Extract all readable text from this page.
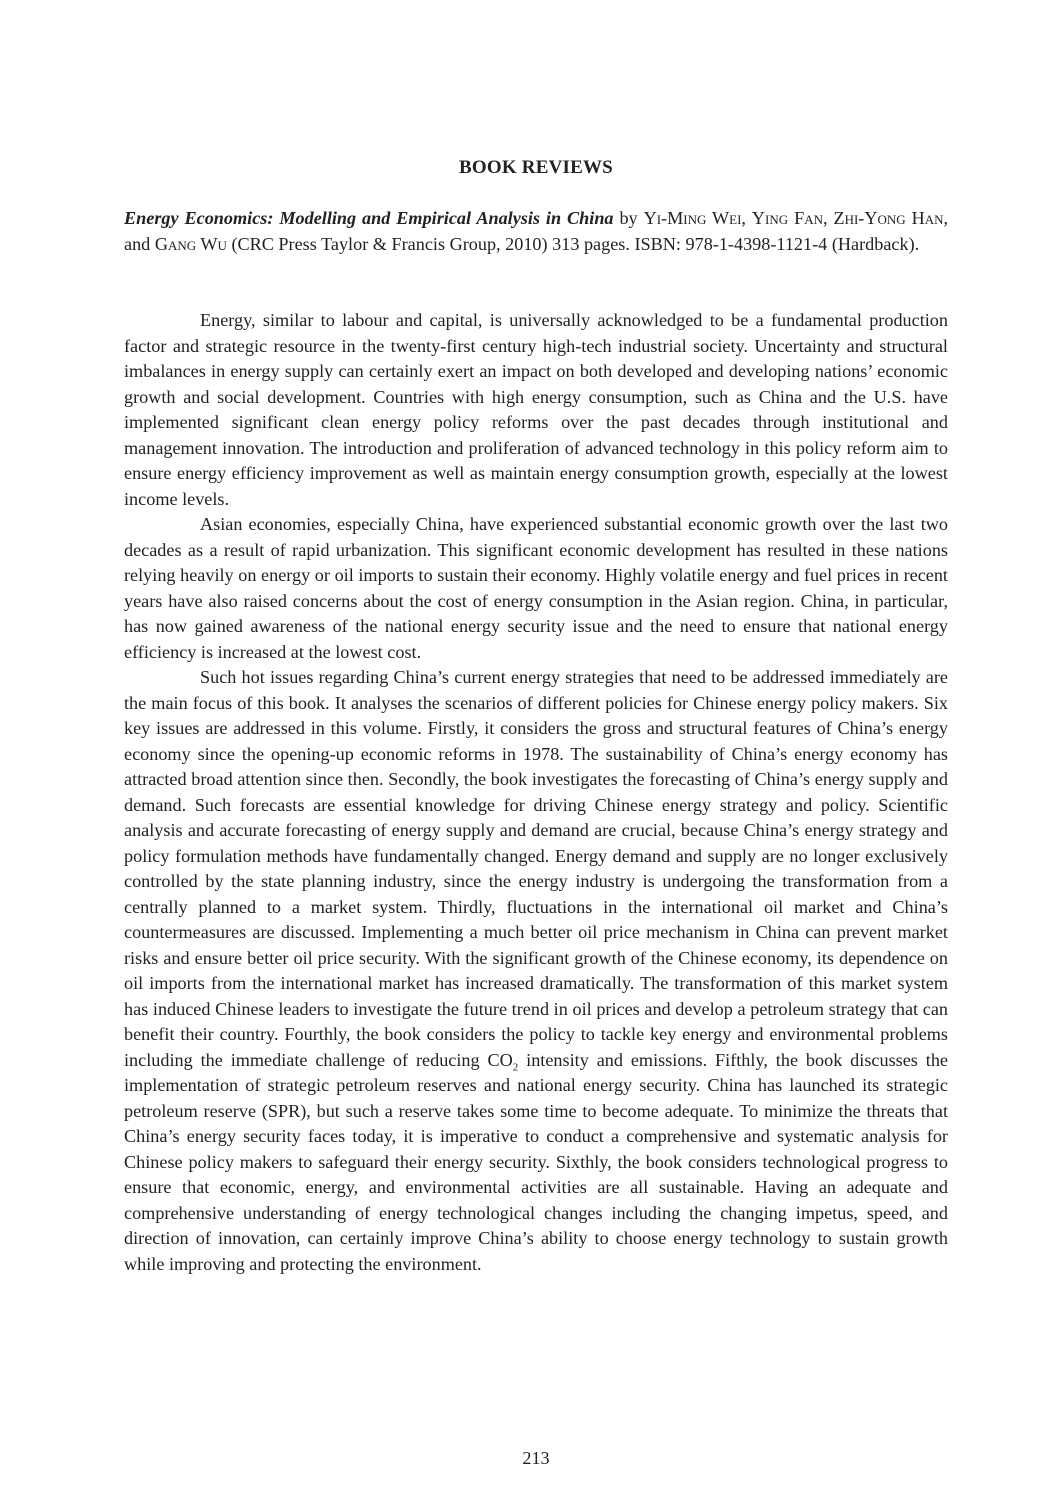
BOOK REVIEWS

Energy Economics: Modelling and Empirical Analysis in China by Yi-Ming Wei, Ying Fan, Zhi-Yong Han, and Gang Wu (CRC Press Taylor & Francis Group, 2010) 313 pages. ISBN: 978-1-4398-1121-4 (Hardback).

Energy, similar to labour and capital, is universally acknowledged to be a fundamental production factor and strategic resource in the twenty-first century high-tech industrial society. Uncertainty and structural imbalances in energy supply can certainly exert an impact on both developed and developing nations’ economic growth and social development. Countries with high energy consumption, such as China and the U.S. have implemented significant clean energy policy reforms over the past decades through institutional and management innovation. The introduction and proliferation of advanced technology in this policy reform aim to ensure energy efficiency improvement as well as maintain energy consumption growth, especially at the lowest income levels.

Asian economies, especially China, have experienced substantial economic growth over the last two decades as a result of rapid urbanization. This significant economic development has resulted in these nations relying heavily on energy or oil imports to sustain their economy. Highly volatile energy and fuel prices in recent years have also raised concerns about the cost of energy consumption in the Asian region. China, in particular, has now gained awareness of the national energy security issue and the need to ensure that national energy efficiency is increased at the lowest cost.

Such hot issues regarding China’s current energy strategies that need to be addressed immediately are the main focus of this book. It analyses the scenarios of different policies for Chinese energy policy makers. Six key issues are addressed in this volume. Firstly, it considers the gross and structural features of China’s energy economy since the opening-up economic reforms in 1978. The sustainability of China’s energy economy has attracted broad attention since then. Secondly, the book investigates the forecasting of China’s energy supply and demand. Such forecasts are essential knowledge for driving Chinese energy strategy and policy. Scientific analysis and accurate forecasting of energy supply and demand are crucial, because China’s energy strategy and policy formulation methods have fundamentally changed. Energy demand and supply are no longer exclusively controlled by the state planning industry, since the energy industry is undergoing the transformation from a centrally planned to a market system. Thirdly, fluctuations in the international oil market and China’s countermeasures are discussed. Implementing a much better oil price mechanism in China can prevent market risks and ensure better oil price security. With the significant growth of the Chinese economy, its dependence on oil imports from the international market has increased dramatically. The transformation of this market system has induced Chinese leaders to investigate the future trend in oil prices and develop a petroleum strategy that can benefit their country. Fourthly, the book considers the policy to tackle key energy and environmental problems including the immediate challenge of reducing $CO_2$ intensity and emissions. Fifthly, the book discusses the implementation of strategic petroleum reserves and national energy security. China has launched its strategic petroleum reserve (SPR), but such a reserve takes some time to become adequate. To minimize the threats that China’s energy security faces today, it is imperative to conduct a comprehensive and systematic analysis for Chinese policy makers to safeguard their energy security. Sixthly, the book considers technological progress to ensure that economic, energy, and environmental activities are all sustainable. Having an adequate and comprehensive understanding of energy technological changes including the changing impetus, speed, and direction of innovation, can certainly improve China’s ability to choose energy technology to sustain growth while improving and protecting the environment.

213
